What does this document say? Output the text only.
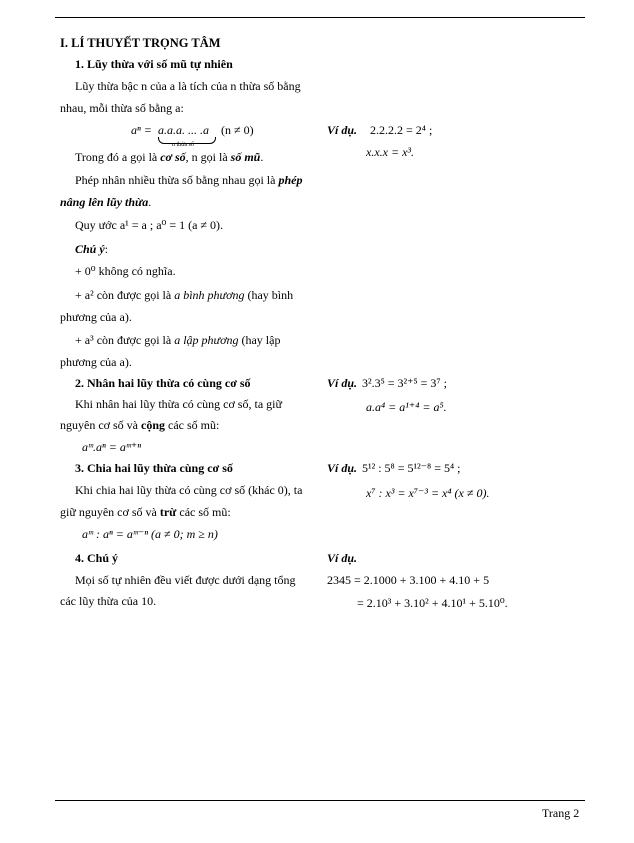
I. LÍ THUYẾT TRỌNG TÂM
1. Lũy thừa với số mũ tự nhiên
Lũy thừa bậc n của a là tích của n thừa số bằng
nhau, mỗi thừa số bằng a:
aⁿ = a.a.a. ... .a (n ≠ 0)
n thừa số
Trong đó a gọi là cơ số, n gọi là số mũ.
Phép nhân nhiều thừa số bằng nhau gọi là phép
nâng lên lũy thừa.
Quy ước a¹ = a ; a⁰ = 1 (a ≠ 0).
Chú ý:
+ 0⁰ không có nghĩa.
+ a² còn được gọi là a bình phương (hay bình
phương của a).
+ a³ còn được gọi là a lập phương (hay lập
phương của a).
Ví dụ. 2.2.2.2 = 2⁴ ;
x.x.x = x³.
2. Nhân hai lũy thừa có cùng cơ số
Khi nhân hai lũy thừa có cùng cơ số, ta giữ
nguyên cơ số và cộng các số mũ:
aᵐ.aⁿ = aᵐ⁺ⁿ
Ví dụ. 3².3⁵ = 3²⁺⁵ = 3⁷ ;
a.a⁴ = a¹⁺⁴ = a⁵.
3. Chia hai lũy thừa cùng cơ số
Khi chia hai lũy thừa có cùng cơ số (khác 0), ta
giữ nguyên cơ số và trừ các số mũ:
aᵐ : aⁿ = aᵐ⁻ⁿ (a ≠ 0; m ≥ n)
Ví dụ. 5¹² : 5⁸ = 5¹²⁻⁸ = 5⁴ ;
x⁷ : x³ = x⁷⁻³ = x⁴ (x ≠ 0).
4. Chú ý
Mọi số tự nhiên đều viết được dưới dạng tổng
các lũy thừa của 10.
Ví dụ.
2345 = 2.1000 + 3.100 + 4.10 + 5
= 2.10³ + 3.10² + 4.10¹ + 5.10⁰.
Trang 2
